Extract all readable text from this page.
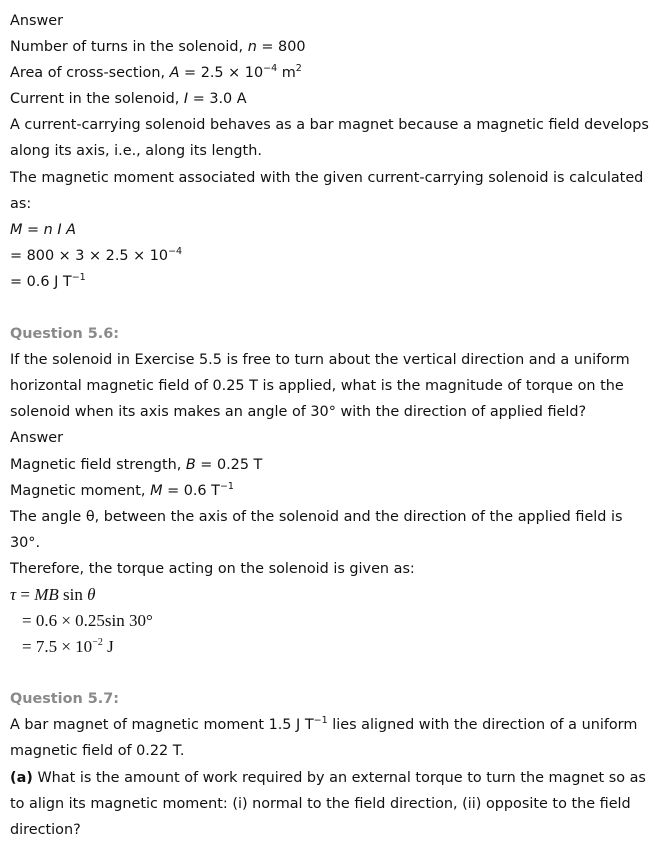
Answer
Number of turns in the solenoid, n = 800
Area of cross-section, $A = 2.5 \times 10^{-4}$ $m^2$
Current in the solenoid, I = 3.0 A
A current-carrying solenoid behaves as a bar magnet because a magnetic field develops
along its axis, i.e., along its length.
The magnetic moment associated with the given current-carrying solenoid is calculated
as:
M = n I A
= $800 \times 3 \times 2.5 \times 10^{-4}$
= 0.6 J $T^{-1}$
Question 5.6:
If the solenoid in Exercise 5.5 is free to turn about the vertical direction and a uniform
horizontal magnetic field of 0.25 T is applied, what is the magnitude of torque on the
solenoid when its axis makes an angle of 30° with the direction of applied field?
Answer
Magnetic field strength, B = 0.25 T
Magnetic moment, M = 0.6 $T^{-1}$
The angle θ, between the axis of the solenoid and the direction of the applied field is
30°.
Therefore, the torque acting on the solenoid is given as:
τ = MB sin θ
= 0.6 × 0.25sin 30°
= $7.5 \times 10^{-2}$ J
Question 5.7:
A bar magnet of magnetic moment 1.5 J $T^{-1}$ lies aligned with the direction of a uniform
magnetic field of 0.22 T.
(a) What is the amount of work required by an external torque to turn the magnet so as
to align its magnetic moment: (i) normal to the field direction, (ii) opposite to the field
direction?
